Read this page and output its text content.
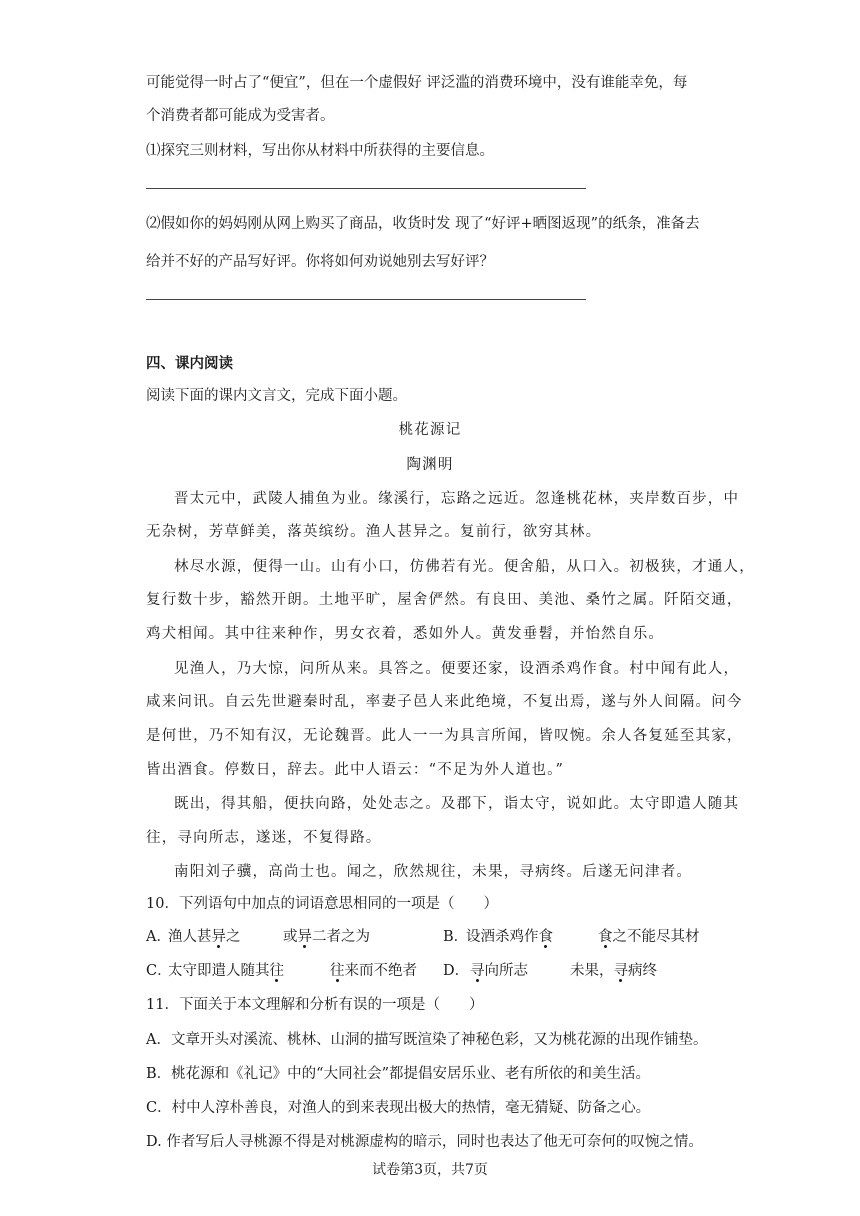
可能觉得一时占了“便宜”，但在一个虚假好 评泛滥的消费环境中，没有谁能幸免，每
个消费者都可能成为受害者。
⑴探究三则材料，写出你从材料中所获得的主要信息。
⑵假如你的妈妈刚从网上购买了商品，收货时发 现了“好评+晒图返现”的纸条，准备去
给并不好的产品写好评。你将如何劝说她别去写好评？
四、课内阅读
阅读下面的课内文言文，完成下面小题。
桃花源记
陶渊明
晋太元中，武陵人捕鱼为业。缘溪行，忘路之远近。忽逢桃花林，夹岸数百步，中
无杂树，芳草鲜美，落英缤纷。渔人甚异之。复前行，欲穷其林。
林尽水源，便得一山。山有小口，仿佛若有光。便舍船，从口入。初极狭，才通人，
复行数十步，豁然开朗。土地平旷，屋舍俨然。有良田、美池、桑竹之属。阡陌交通，
鸡犬相闻。其中往来种作，男女衣着，悉如外人。黄发垂髫，并怡然自乐。
见渔人，乃大惊，问所从来。具答之。便要还家，设酒杀鸡作食。村中闻有此人，
咸来问讯。自云先世避秦时乱，率妻子邑人来此绝境，不复出焉，遂与外人间隔。问今
是何世，乃不知有汉，无论魏晋。此人一一为具言所闻，皆叹惋。余人各复延至其家，
皆出酒食。停数日，辞去。此中人语云：“不足为外人道也。”
既出，得其船，便扶向路，处处志之。及郡下，诣太守，说如此。太守即遣人随其
往，寻向所志，遂迷，不复得路。
南阳刘子骥，高尚士也。闻之，欣然规往，未果，寻病终。后遂无问津者。
10．下列语句中加点的词语意思相同的一项是（　　）
A．
渔人甚异之	或异二者之为	B．
设酒杀鸡作食	食之不能尽其材
C．
太守即遣人随其往	往来而不绝者 D． 寻向所志	未果，寻病终
11．下面关于本文理解和分析有误的一项是（　　）
A．文章开头对溪流、桃林、山洞的描写既渲染了神秘色彩，又为桃花源的出现作铺垫。
B．桃花源和《礼记》中的“大同社会”都提倡安居乐业、老有所依的和美生活。
C．村中人淳朴善良，对渔人的到来表现出极大的热情，毫无猜疑、防备之心。
D. 作者写后人寻桃源不得是对桃源虚构的暗示，同时也表达了他无可奈何的叹惋之情。
试卷第3页，共7页
